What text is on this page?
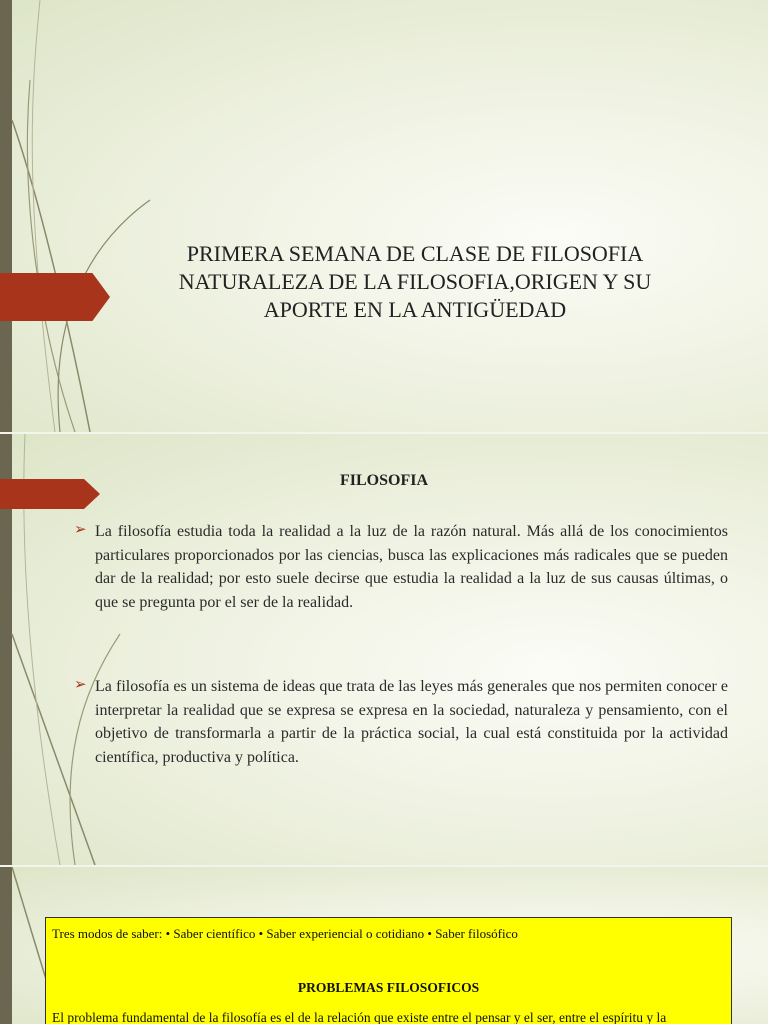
PRIMERA SEMANA DE CLASE DE FILOSOFIA
NATURALEZA DE LA FILOSOFIA,ORIGEN Y SU
APORTE EN LA ANTIGÜEDAD
FILOSOFIA
➢ La filosofía estudia toda la realidad a la luz de la razón natural. Más allá de los conocimientos particulares proporcionados por las ciencias, busca las explicaciones más radicales que se pueden dar de la realidad; por esto suele decirse que estudia la realidad a la luz de sus causas últimas, o que se pregunta por el ser de la realidad.
➢ La filosofía es un sistema de ideas que trata de las leyes más generales que nos permiten conocer e interpretar la realidad que se expresa se expresa en la sociedad, naturaleza y pensamiento, con el objetivo de transformarla a partir de la práctica social, la cual está constituida por la actividad científica, productiva y política.
Tres modos de saber: • Saber científico • Saber experiencial o cotidiano • Saber filosófico
PROBLEMAS FILOSOFICOS
El problema fundamental de la filosofía es el de la relación que existe entre el pensar y el ser, entre el espíritu y la
